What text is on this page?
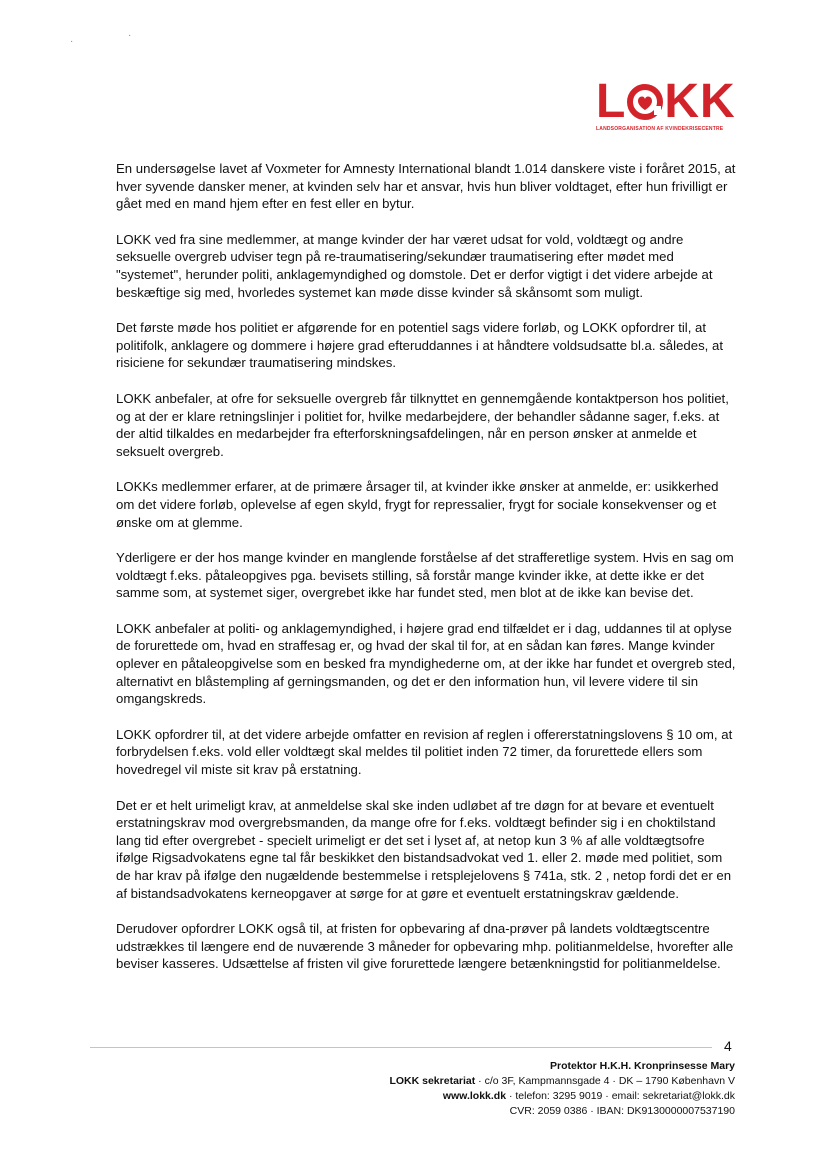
·
·
L KK
LANDSORGANISATION AF KVINDEKRISECENTRE

En undersøgelse lavet af Voxmeter for Amnesty International blandt 1.014 danskere viste i foråret 2015, at hver syvende dansker mener, at kvinden selv har et ansvar, hvis hun bliver voldtaget, efter hun frivilligt er gået med en mand hjem efter en fest eller en bytur.

LOKK ved fra sine medlemmer, at mange kvinder der har været udsat for vold, voldtægt og andre seksuelle overgreb udviser tegn på re-traumatisering/sekundær traumatisering efter mødet med "systemet", herunder politi, anklagemyndighed og domstole. Det er derfor vigtigt i det videre arbejde at beskæftige sig med, hvorledes systemet kan møde disse kvinder så skånsomt som muligt.

Det første møde hos politiet er afgørende for en potentiel sags videre forløb, og LOKK opfordrer til, at politifolk, anklagere og dommere i højere grad efteruddannes i at håndtere voldsudsatte bl.a. således, at risiciene for sekundær traumatisering mindskes.

LOKK anbefaler, at ofre for seksuelle overgreb får tilknyttet en gennemgående kontaktperson hos politiet, og at der er klare retningslinjer i politiet for, hvilke medarbejdere, der behandler sådanne sager, f.eks. at der altid tilkaldes en medarbejder fra efterforskningsafdelingen, når en person ønsker at anmelde et seksuelt overgreb.

LOKKs medlemmer erfarer, at de primære årsager til, at kvinder ikke ønsker at anmelde, er: usikkerhed om det videre forløb, oplevelse af egen skyld, frygt for repressalier, frygt for sociale konsekvenser og et ønske om at glemme.

Yderligere er der hos mange kvinder en manglende forståelse af det strafferetlige system. Hvis en sag om voldtægt f.eks. påtaleopgives pga. bevisets stilling, så forstår mange kvinder ikke, at dette ikke er det samme som, at systemet siger, overgrebet ikke har fundet sted, men blot at de ikke kan bevise det.

LOKK anbefaler at politi- og anklagemyndighed, i højere grad end tilfældet er i dag, uddannes til at oplyse de forurettede om, hvad en straffesag er, og hvad der skal til for, at en sådan kan føres. Mange kvinder oplever en påtaleopgivelse som en besked fra myndighederne om, at der ikke har fundet et overgreb sted, alternativt en blåstempling af gerningsmanden, og det er den information hun, vil levere videre til sin omgangskreds.

LOKK opfordrer til, at det videre arbejde omfatter en revision af reglen i offererstatningslovens § 10 om, at forbrydelsen f.eks. vold eller voldtægt skal meldes til politiet inden 72 timer, da forurettede ellers som hovedregel vil miste sit krav på erstatning.

Det er et helt urimeligt krav, at anmeldelse skal ske inden udløbet af tre døgn for at bevare et eventuelt erstatningskrav mod overgrebsmanden, da mange ofre for f.eks. voldtægt befinder sig i en choktilstand lang tid efter overgrebet - specielt urimeligt er det set i lyset af, at netop kun 3 % af alle voldtægtsofre ifølge Rigsadvokatens egne tal får beskikket den bistandsadvokat ved 1. eller 2. møde med politiet, som de har krav på ifølge den nugældende bestemmelse i retsplejelovens § 741a, stk. 2 , netop fordi det er en af bistandsadvokatens kerneopgaver at sørge for at gøre et eventuelt erstatningskrav gældende.

Derudover opfordrer LOKK også til, at fristen for opbevaring af dna-prøver på landets voldtægtscentre udstrækkes til længere end de nuværende 3 måneder for opbevaring mhp. politianmeldelse, hvorefter alle beviser kasseres. Udsættelse af fristen vil give forurettede længere betænkningstid for politianmeldelse.

4
Protektor H.K.H. Kronprinsesse Mary
LOKK sekretariat · c/o 3F, Kampmannsgade 4 · DK – 1790 København V
www.lokk.dk · telefon: 3295 9019 · email: sekretariat@lokk.dk
CVR: 2059 0386 · IBAN: DK9130000007537190
